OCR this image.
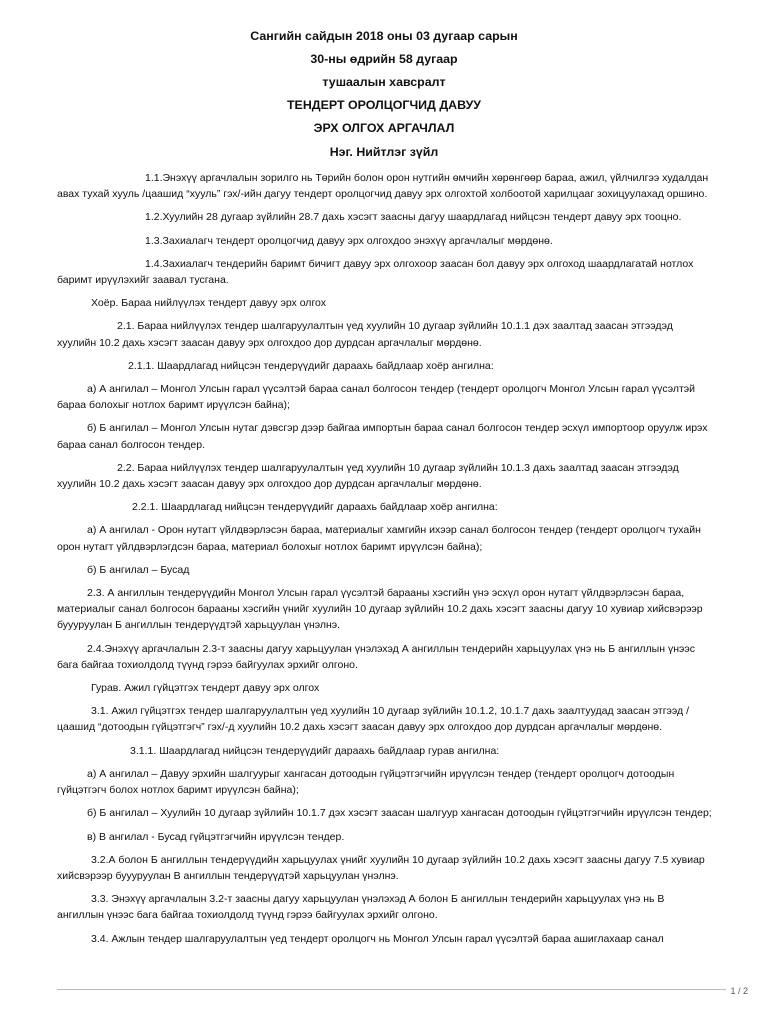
Сангийн сайдын 2018 оны 03 дугаар сарын

30-ны өдрийн 58 дугаар

тушаалын хавсралт

ТЕНДЕРТ ОРОЛЦОГЧИД ДАВУУ

ЭРХ ОЛГОХ АРГАЧЛАЛ

Нэг. Нийтлэг зүйл

1.1.Энэхүү аргачлалын зорилго нь Төрийн болон орон нутгийн өмчийн хөрөнгөөр бараа, ажил, үйлчилгээ худалдан авах тухай хууль /цаашид “хууль” гэх/-ийн дагуу тендерт оролцогчид давуу эрх олгохтой холбоотой харилцааг зохицуулахад оршино.

1.2.Хуулийн 28 дугаар зүйлийн 28.7 дахь хэсэгт заасны дагуу шаардлагад нийцсэн тендерт давуу эрх тооцно.

1.3.Захиалагч тендерт оролцогчид давуу эрх олгохдоо энэхүү аргачлалыг мөрдөнө.

1.4.Захиалагч тендерийн баримт бичигт давуу эрх олгохоор заасан бол давуу эрх олгоход шаардлагатай нотлох баримт ирүүлэхийг заавал тусгана.

Хоёр. Бараа нийлүүлэх тендерт давуу эрх олгох

2.1. Бараа нийлүүлэх тендер шалгаруулалтын үед хуулийн 10 дугаар зүйлийн 10.1.1 дэх заалтад заасан этгээдэд хуулийн 10.2 дахь хэсэгт заасан давуу эрх олгохдоо дор дурдсан аргачлалыг мөрдөнө.

2.1.1. Шаардлагад нийцсэн тендерүүдийг дараахь байдлаар хоёр ангилна:

а) А ангилал – Монгол Улсын гарал үүсэлтэй бараа санал болгосон тендер (тендерт оролцогч Монгол Улсын гарал үүсэлтэй бараа болохыг нотлох баримт ирүүлсэн байна);

б) Б ангилал – Монгол Улсын нутаг дэвсгэр дээр байгаа импортын бараа санал болгосон тендер эсхүл импортоор оруулж ирэх бараа санал болгосон тендер.

2.2. Бараа нийлүүлэх тендер шалгаруулалтын үед хуулийн 10 дугаар зүйлийн 10.1.3 дахь заалтад заасан этгээдэд хуулийн 10.2 дахь хэсэгт заасан давуу эрх олгохдоо дор дурдсан аргачлалыг мөрдөнө.

2.2.1. Шаардлагад нийцсэн тендерүүдийг дараахь байдлаар хоёр ангилна:

а) А ангилал - Орон нутагт үйлдвэрлэсэн бараа, материалыг хамгийн ихээр санал болгосон тендер (тендерт оролцогч тухайн орон нутагт үйлдвэрлэгдсэн бараа, материал болохыг нотлох баримт ирүүлсэн байна);

б) Б ангилал – Бусад

2.3. А ангиллын тендерүүдийн Монгол Улсын гарал үүсэлтэй барааны хэсгийн үнэ эсхүл орон нутагт үйлдвэрлэсэн бараа, материалыг санал болгосон барааны хэсгийн үнийг хуулийн 10 дугаар зүйлийн 10.2 дахь хэсэгт заасны дагуу 10 хувиар хийсвэрээр буууруулан Б ангиллын тендерүүдтэй харьцуулан үнэлнэ.

2.4.Энэхүү аргачлалын 2.3-т заасны дагуу харьцуулан үнэлэхэд А ангиллын тендерийн харьцуулах үнэ нь Б ангиллын үнээс бага байгаа тохиолдолд түүнд гэрээ байгуулах эрхийг олгоно.

Гурав. Ажил гүйцэтгэх тендерт давуу эрх олгох

3.1. Ажил гүйцэтгэх тендер шалгаруулалтын үед хуулийн 10 дугаар зүйлийн 10.1.2, 10.1.7 дахь заалтуудад заасан этгээд /цаашид “дотоодын гүйцэтгэгч” гэх/-д хуулийн 10.2 дахь хэсэгт заасан давуу эрх олгохдоо дор дурдсан аргачлалыг мөрдөнө.

3.1.1. Шаардлагад нийцсэн тендерүүдийг дараахь байдлаар гурав ангилна:

а) А ангилал – Давуу эрхийн шалгуурыг хангасан дотоодын гүйцэтгэгчийн ирүүлсэн тендер (тендерт оролцогч дотоодын гүйцэтгэгч болох нотлох баримт ирүүлсэн байна);

б) Б ангилал – Хуулийн 10 дугаар зүйлийн 10.1.7 дэх хэсэгт заасан шалгуур хангасан дотоодын гүйцэтгэгчийн ирүүлсэн тендер;

в) В ангилал - Бусад гүйцэтгэгчийн ирүүлсэн тендер.

3.2.А болон Б ангиллын тендерүүдийн харьцуулах үнийг хуулийн 10 дугаар зүйлийн 10.2 дахь хэсэгт заасны дагуу 7.5 хувиар хийсвэрээр буууруулан В ангиллын тендерүүдтэй харьцуулан үнэлнэ.

3.3. Энэхүү аргачлалын 3.2-т заасны дагуу харьцуулан үнэлэхэд А болон Б ангиллын тендерийн харьцуулах үнэ нь В ангиллын үнээс бага байгаа тохиолдолд түүнд гэрээ байгуулах эрхийг олгоно.

3.4. Ажлын тендер шалгаруулалтын үед тендерт оролцогч нь Монгол Улсын гарал үүсэлтэй бараа ашиглахаар санал

1 / 2
